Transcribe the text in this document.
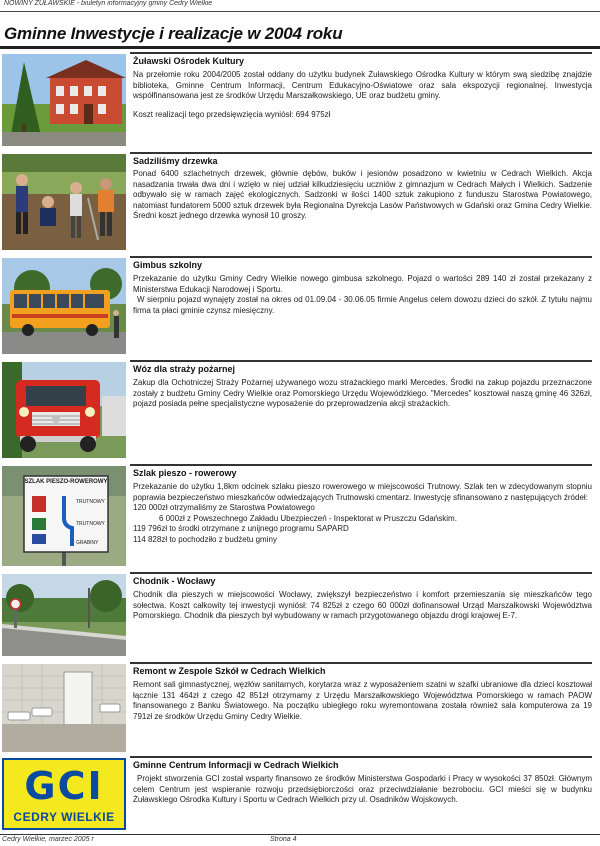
NOWINY ŻUŁAWSKIE - biuletyn informacyjny gminy Cedry Wielkie
Gminne Inwestycje i realizacje w 2004 roku
Żuławski Ośrodek Kultury

Na przełomie roku 2004/2005 został oddany do użytku budynek Żuławskiego Ośrodka Kultury w którym swą siedzibę znajdzie biblioteka, Gminne Centrum Informacji, Centrum Edukacyjno-Oświatowe oraz sala ekspozycji regionalnej. Inwestycja współfinansowana jest ze środków Urzędu Marszałkowskiego, UE oraz budżetu gminy.

Koszt realizacji tego przedsięwzięcia wyniósł: 694 975zł

Sadziliśmy drzewka

Ponad 6400 szlachetnych drzewek, głównie dębów, buków i jesionów posadzono w kwietniu w Cedrach Wielkich. Akcja nasadzania trwała dwa dni i wzięło w niej udział kilkudziesięciu uczniów z gimnazjum w Cedrach Małych i Wielkich. Sadzenie odbywało się w ramach zajęć ekologicznych. Sadzonki w ilości 1400 sztuk zakupiono z funduszu Starostwa Powiatowego, natomiast fundatorem 5000 sztuk drzewek była Regionalna Dyrekcja Lasów Państwowych w Gdański oraz Gmina Cedry Wielkie. Średni koszt jednego drzewka wynosił 10 groszy.

Gimbus szkolny

Przekazanie do użytku Gminy Cedry Wielkie nowego gimbusa szkolnego. Pojazd o wartości 289 140 zł został przekazany z Ministerstwa Edukacji Narodowej i Sportu.

W sierpniu pojazd wynajęty został na okres od 01.09.04 - 30.06.05 firmie Angelus celem dowozu dzieci do szkół. Z tytułu najmu firma ta płaci gminie czynsz miesięczny.

Wóz dla straży pożarnej

Zakup dla Ochotniczej Straży Pożarnej używanego wozu strażackiego marki Mercedes. Środki na zakup pojazdu przeznaczone zostały z budżetu Gminy Cedry Wielkie oraz Pomorskiego Urzędu Wojewódzkiego. "Mercedes" kosztował naszą gminę 46 326zł, pojazd posiada pełne specjalistyczne wyposażenie do przeprowadzenia akcji strażackich.

SZLAK PIESZO-ROWEROWY
TRUTNOWY
TRUTNOWY
GRABINY
Szlak pieszo - rowerowy

Przekazanie do użytku 1,8km odcinek szlaku pieszo rowerowego w miejscowości Trutnowy. Szlak ten w zdecydowanym stopniu poprawia bezpieczeństwo mieszkańców odwiedzających Trutnowski cmentarz. Inwestycję sfinansowano z następujących źródeł:

120 000zł otrzymaliśmy ze Starostwa Powiatowego

6 000zł z Powszechnego Zakładu Ubezpieczeń - Inspektorat w Pruszczu Gdańskim.

119 796zł to środki otrzymane z unijnego programu SAPARD

114 828zł to pochodziło z budżetu gminy

Chodnik - Wocławy

Chodnik dla pieszych w miejscowości Wocławy, zwiększył bezpieczeństwo i komfort przemieszania się mieszkańców tego sołectwa. Koszt całkowity tej inwestycji wyniósł: 74 825zł z czego 60 000zł dofinansował Urząd Marszałkowski Województwa Pomorskiego. Chodnik dla pieszych był wybudowany w ramach przygotowanego objazdu drogi krajowej E-7.

Remont w Zespole Szkół w Cedrach Wielkich

Remont sali gimnastycznej, węzłów sanitarnych, korytarza wraz z wyposażeniem szatni w szafki ubraniowe dla dzieci kosztował łącznie 131 464zł z czego 42 851zł otrzymamy z Urzędu Marszałkowskiego Województwa Pomorskiego w ramach PAOW finansowanego z Banku Światowego. Na początku ubiegłego roku wyremontowana została również sala komputerowa za 19 791zł ze środków Urzędu Gminy Cedry Wielkie.

GCI
CEDRY WIELKIE
Gminne Centrum Informacji w Cedrach Wielkich

Projekt stworzenia GCI został wsparty finansowo ze środków Ministerstwa Gospodarki i Pracy w wysokości 37 850zł. Głównym celem Centrum jest wspieranie rozwoju przedsiębiorczości oraz przeciwdziałanie bezrobociu. GCI mieści się w budynku Żuławskiego Ośrodka Kultury i Sportu w Cedrach Wielkich przy ul. Osadników Wojskowych.

Cedry Wielkie, marzec 2005 r	Strona 4
